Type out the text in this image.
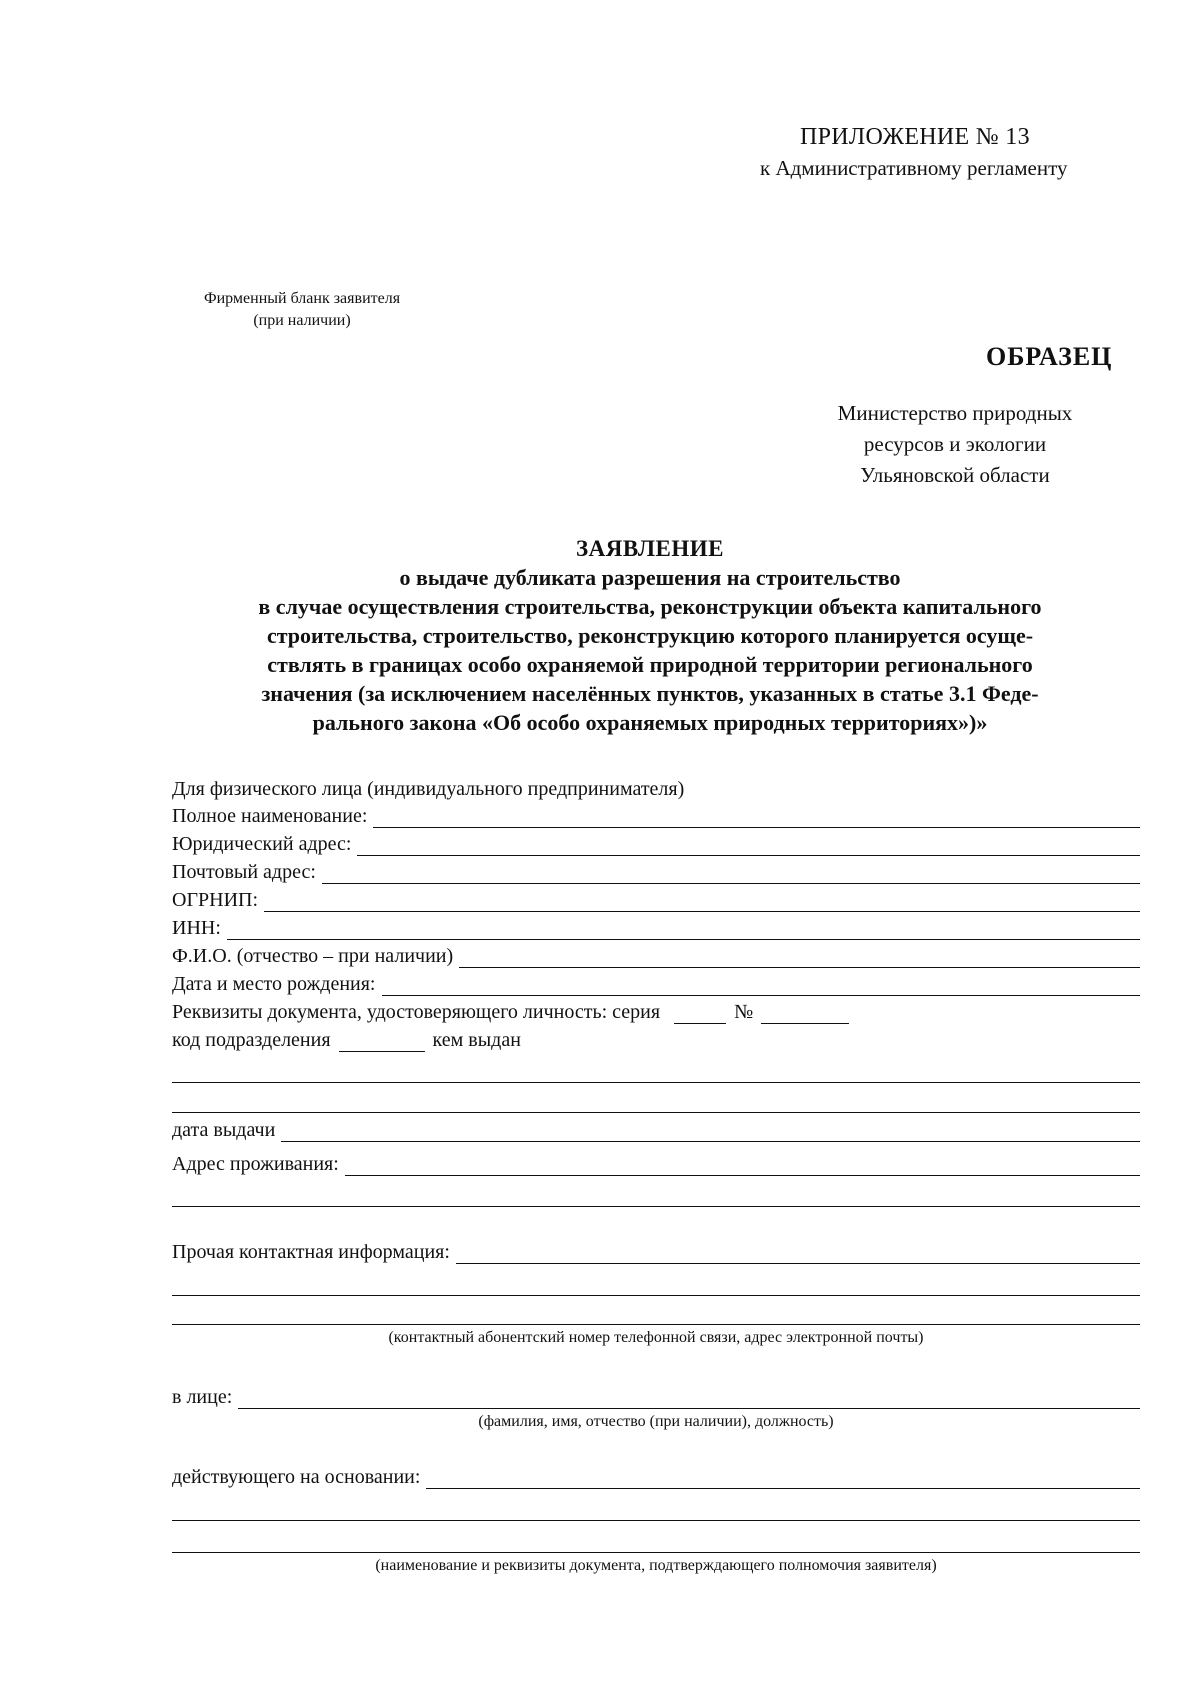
ПРИЛОЖЕНИЕ № 13
к Административному регламенту
Фирменный бланк заявителя
(при наличии)
ОБРАЗЕЦ
Министерство природных
ресурсов и экологии
Ульяновской области
ЗАЯВЛЕНИЕ
о выдаче дубликата разрешения на строительство
в случае осуществления строительства, реконструкции объекта капитального
строительства, строительство, реконструкцию которого планируется осуще-
ствлять в границах особо охраняемой природной территории регионального
значения (за исключением населённых пунктов, указанных в статье 3.1 Феде-
рального закона «Об особо охраняемых природных территориях»)»
Для физического лица (индивидуального предпринимателя)
Полное наименование:
Юридический адрес:
Почтовый адрес:
ОГРНИП:
ИНН:
Ф.И.О. (отчество – при наличии)
Дата и место рождения:
Реквизиты документа, удостоверяющего личность: серия	№
код подразделения	кем выдан
дата выдачи
Адрес проживания:
Прочая контактная информация:
(контактный абонентский номер телефонной связи, адрес электронной почты)
в лице:
(фамилия, имя, отчество (при наличии), должность)
действующего на основании:
(наименование и реквизиты документа, подтверждающего полномочия заявителя)
